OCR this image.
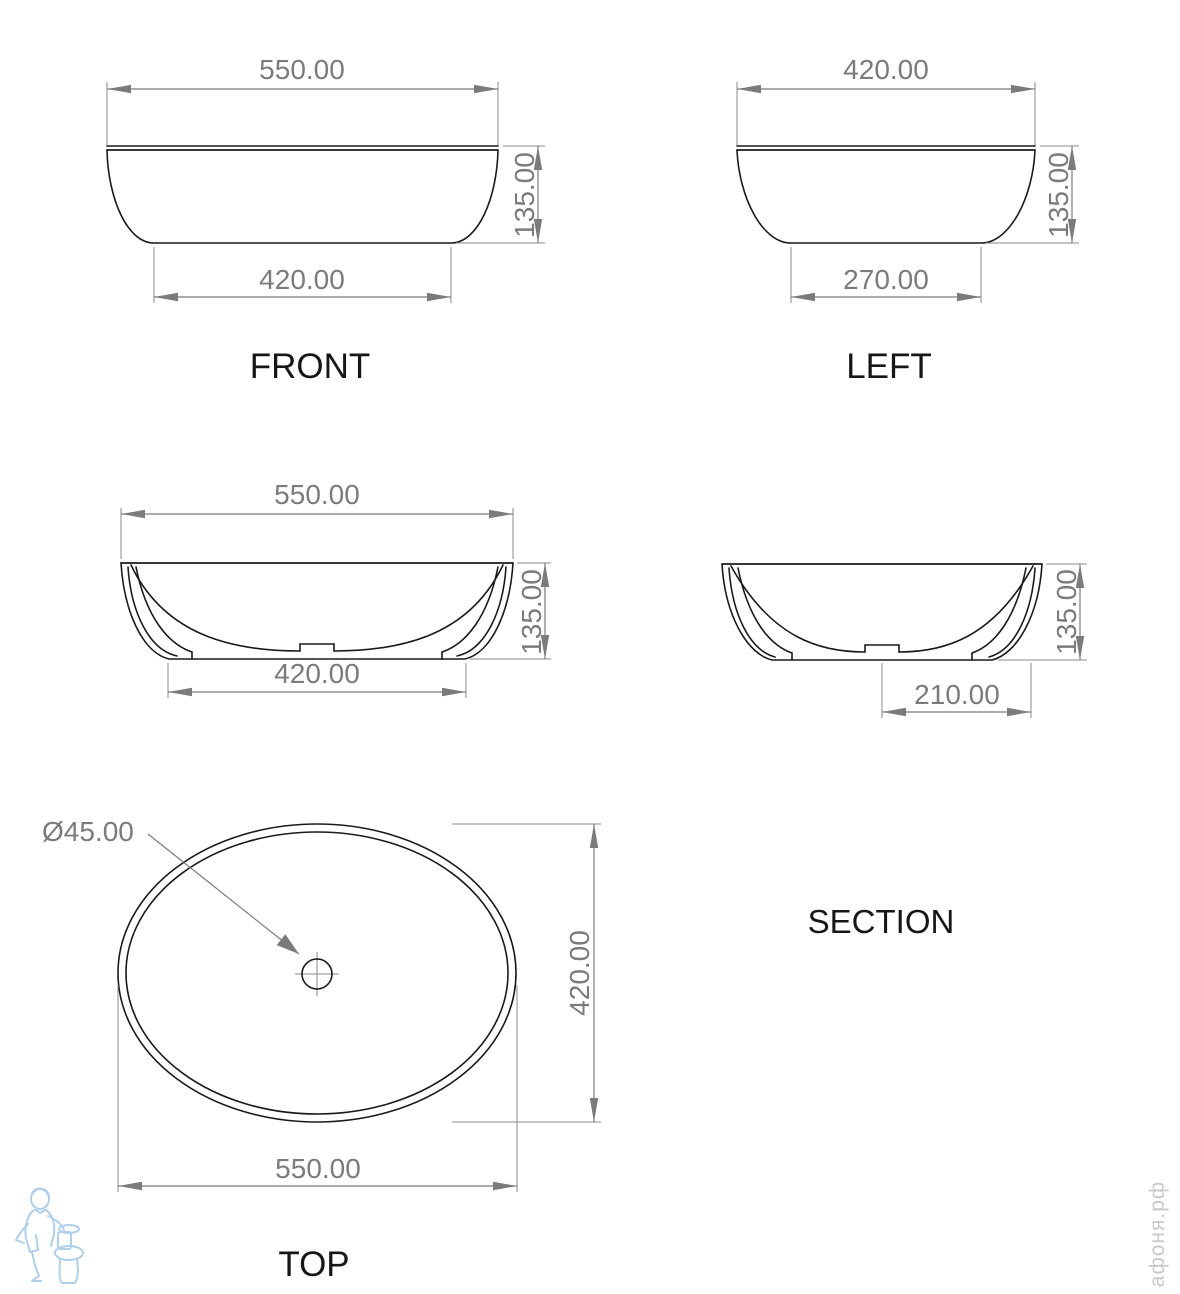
550.00
135.00
420.00
FRONT
420.00
135.00
270.00
LEFT
550.00
135.00
420.00
135.00
210.00
Ø45.00
420.00
550.00
TOP
SECTION
афоня.рф
